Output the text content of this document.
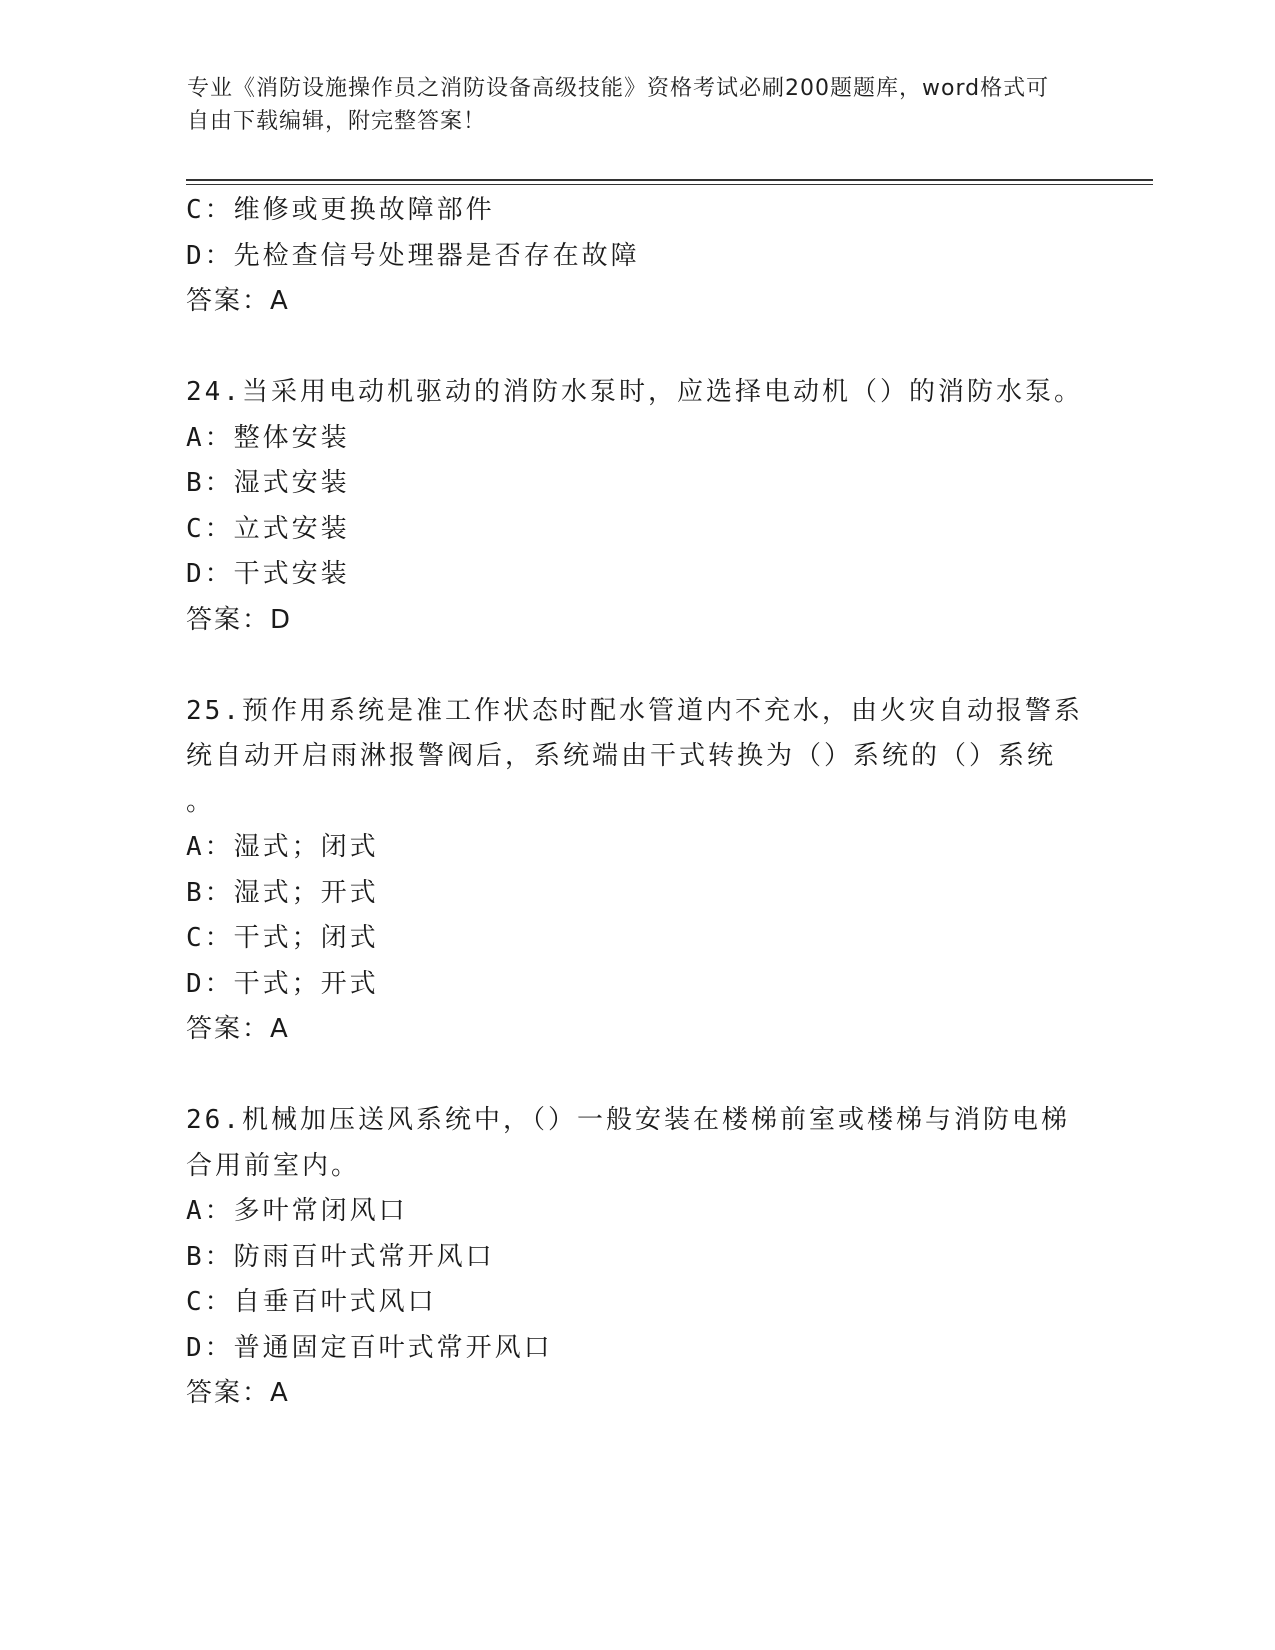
专业《消防设施操作员之消防设备高级技能》资格考试必刷200题题库，word格式可自由下载编辑，附完整答案！
C：维修或更换故障部件
D：先检查信号处理器是否存在故障
答案：A
24.当采用电动机驱动的消防水泵时，应选择电动机（）的消防水泵。
A：整体安装
B：湿式安装
C：立式安装
D：干式安装
答案：D
25.预作用系统是准工作状态时配水管道内不充水，由火灾自动报警系
统自动开启雨淋报警阀后，系统端由干式转换为（）系统的（）系统
。
A：湿式；闭式
B：湿式；开式
C：干式；闭式
D：干式；开式
答案：A
26.机械加压送风系统中，（）一般安装在楼梯前室或楼梯与消防电梯
合用前室内。
A：多叶常闭风口
B：防雨百叶式常开风口
C：自垂百叶式风口
D：普通固定百叶式常开风口
答案：A
